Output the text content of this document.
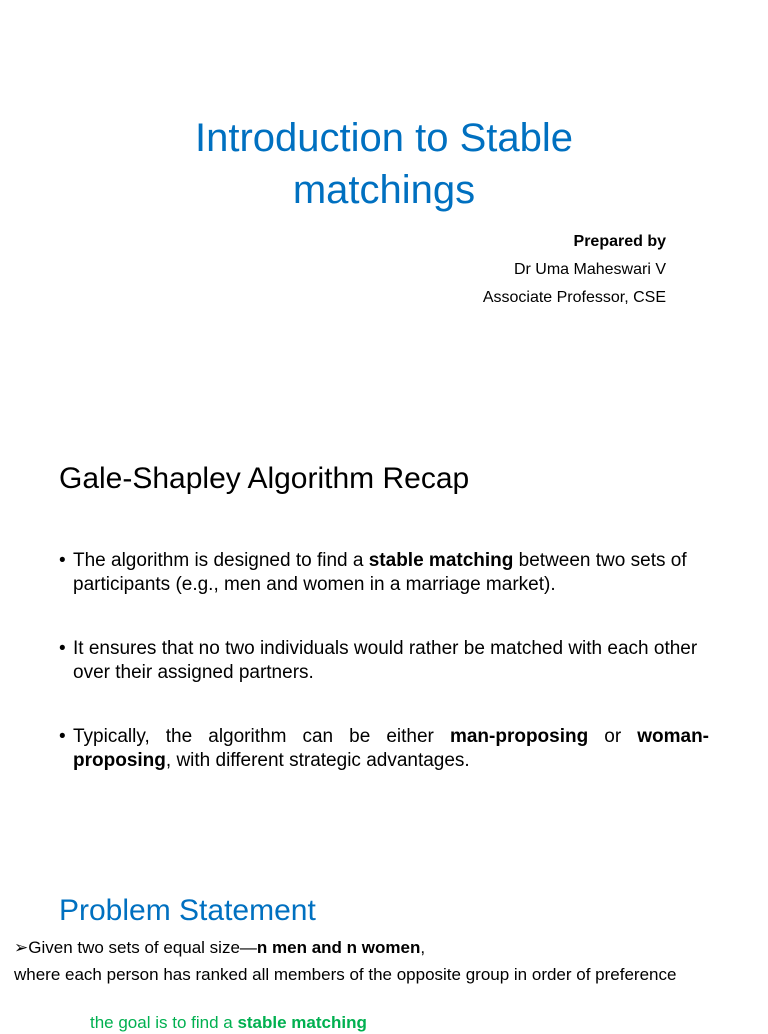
Introduction to Stable
matchings
Prepared by
Dr Uma Maheswari V
Associate Professor, CSE
Gale-Shapley Algorithm Recap
• The algorithm is designed to find a stable matching between two sets of participants (e.g., men and women in a marriage market).
• It ensures that no two individuals would rather be matched with each other over their assigned partners.
• Typically, the algorithm can be either man-proposing or woman-proposing, with different strategic advantages.
Problem Statement
➢Given two sets of equal size—n men and n women,
where each person has ranked all members of the opposite group in order of preference
the goal is to find a stable matching
